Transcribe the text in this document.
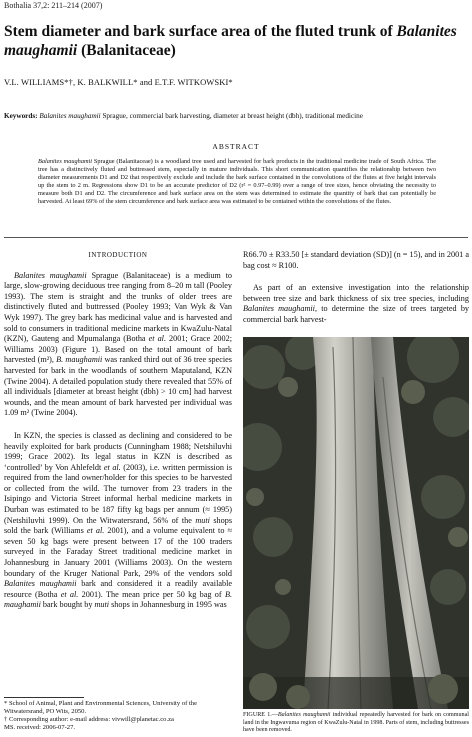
Bothalia 37,2: 211–214 (2007)
Stem diameter and bark surface area of the fluted trunk of Balanites maughamii (Balanitaceae)
V.L. WILLIAMS*†, K. BALKWILL* and E.T.F. WITKOWSKI*
Keywords: Balanites maughamii Sprague, commercial bark harvesting, diameter at breast height (dbh), traditional medicine
ABSTRACT
Balanites maughamii Sprague (Balanitaceae) is a woodland tree used and harvested for bark products in the traditional medicine trade of South Africa. The tree has a distinctively fluted and buttressed stem, especially in mature individuals. This short communication quantifies the relationship between two diameter measurements D1 and D2 that respectively exclude and include the bark surface contained in the convolutions of the flutes at five height intervals up the stem to 2 m. Regressions show D1 to be an accurate predictor of D2 (r² = 0.97–0.99) over a range of tree sizes, hence obviating the necessity to measure both D1 and D2. The circumference and bark surface area on the stem was determined to estimate the quantity of bark that can potentially be harvested. At least 69% of the stem circumference and bark surface area was estimated to be contained within the convolutions of the flutes.
INTRODUCTION

Balanites maughamii Sprague (Balanitaceae) is a medium to large, slow-growing deciduous tree ranging from 8–20 m tall (Pooley 1993). The stem is straight and the trunks of older trees are distinctively fluted and buttressed (Pooley 1993; Van Wyk & Van Wyk 1997). The grey bark has medicinal value and is harvested and sold to consumers in traditional medicine markets in KwaZulu-Natal (KZN), Gauteng and Mpumalanga (Botha et al. 2001; Grace 2002; Williams 2003) (Figure 1). Based on the total amount of bark harvested (m²), B. maughamii was ranked third out of 36 tree species harvested for bark in the woodlands of southern Maputaland, KZN (Twine 2004). A detailed population study there revealed that 55% of all individuals [diameter at breast height (dbh) > 10 cm] had harvest wounds, and the mean amount of bark harvested per individual was 1.09 m² (Twine 2004).

In KZN, the species is classed as declining and considered to be heavily exploited for bark products (Cunningham 1988; Netshiluvhi 1999; Grace 2002). Its legal status in KZN is described as ‘controlled’ by Von Ahlefeldt et al. (2003), i.e. written permission is required from the land owner/holder for this species to be harvested or collected from the wild. The turnover from 23 traders in the Isipingo and Victoria Street informal herbal medicine markets in Durban was estimated to be 187 fifty kg bags per annum (≈ 1995) (Netshiluvhi 1999). On the Witwatersrand, 56% of the muti shops sold the bark (Williams et al. 2001), and a volume equivalent to ≈ seven 50 kg bags were present between 17 of the 100 traders surveyed in the Faraday Street traditional medicine market in Johannesburg in January 2001 (Williams 2003). On the western boundary of the Kruger National Park, 29% of the vendors sold Balanites maughamii bark and considered it a readily available resource (Botha et al. 2001). The mean price per 50 kg bag of B. maughamii bark bought by muti shops in Johannesburg in 1995 was

* School of Animal, Plant and Environmental Sciences, University of the Witwatersrand, PO Wits, 2050.
† Corresponding author: e-mail address: vivwill@planetac.co.za
MS. received: 2006-07-27.

R66.70 ± R33.50 [± standard deviation (SD)] (n = 15), and in 2001 a bag cost ≈ R100.

As part of an extensive investigation into the relationship between tree size and bark thickness of six tree species, including Balanites maughamii, to determine the size of trees targeted by commercial bark harvest-

FIGURE 1.—Balanites maughamii individual repeatedly harvested for bark on communal land in the Ingwavuma region of KwaZulu-Natal in 1998. Parts of stem, including buttresses have been removed.
